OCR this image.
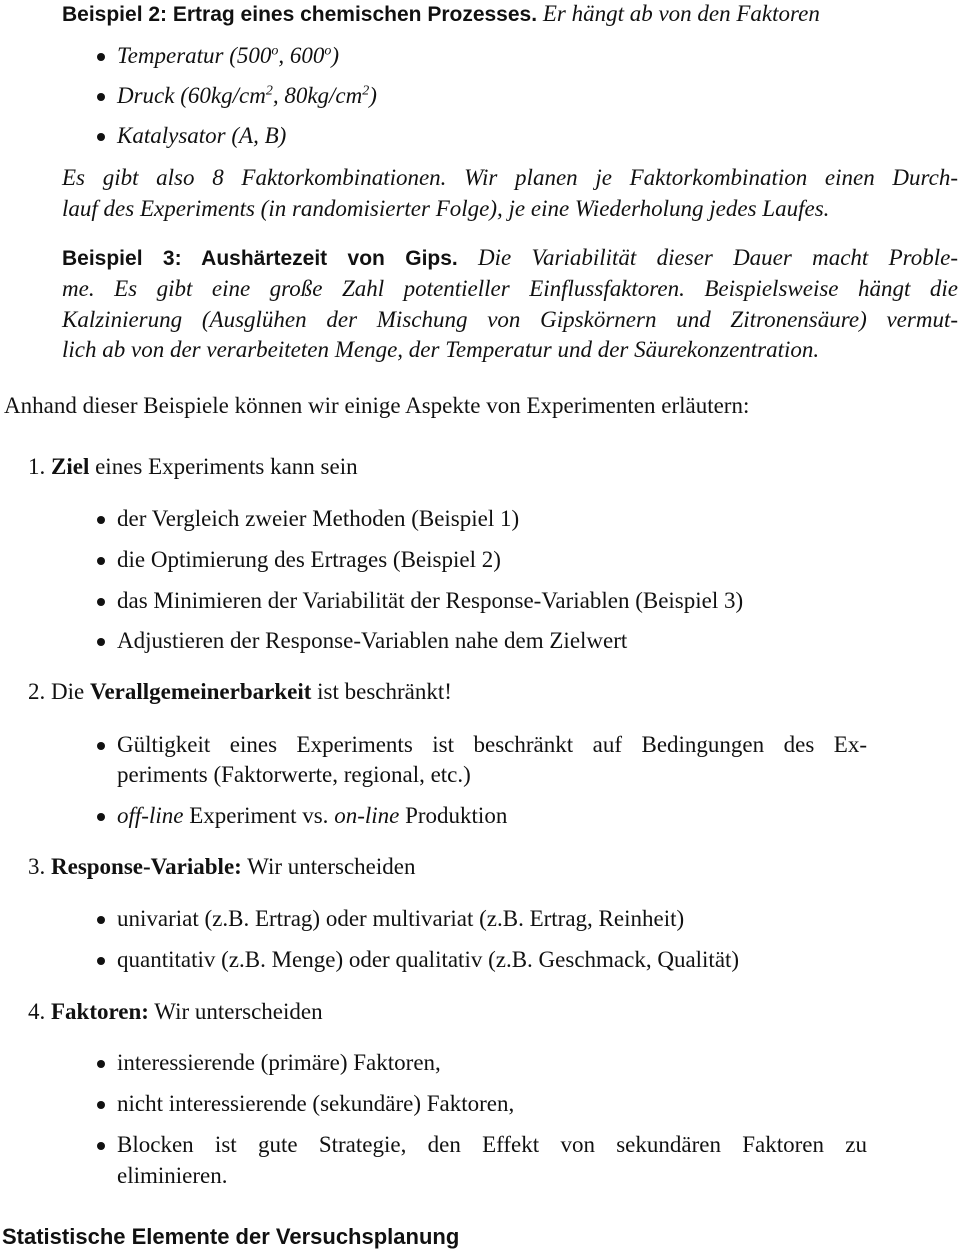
Beispiel 2: Ertrag eines chemischen Prozesses. Er hängt ab von den Faktoren
Temperatur (500$^o$, 600$^o$)
Druck ($60kg/cm^2$, $80kg/cm^2$)
Katalysator (A, B)
Es gibt also 8 Faktorkombinationen. Wir planen je Faktorkombination einen Durch-
lauf des Experiments (in randomisierter Folge), je eine Wiederholung jedes Laufes.
Beispiel 3: Aushärtezeit von Gips. Die Variabilität dieser Dauer macht Proble-
me. Es gibt eine große Zahl potentieller Einflussfaktoren. Beispielsweise hängt die
Kalzinierung (Ausglühen der Mischung von Gipskörnern und Zitronensäure) vermut-
lich ab von der verarbeiteten Menge, der Temperatur und der Säurekonzentration.
Anhand dieser Beispiele können wir einige Aspekte von Experimenten erläutern:
1. Ziel eines Experiments kann sein
der Vergleich zweier Methoden (Beispiel 1)
die Optimierung des Ertrages (Beispiel 2)
das Minimieren der Variabilität der Response-Variablen (Beispiel 3)
Adjustieren der Response-Variablen nahe dem Zielwert
2. Die Verallgemeinerbarkeit ist beschränkt!
Gültigkeit eines Experiments ist beschränkt auf Bedingungen des Ex-
periments (Faktorwerte, regional, etc.)
off-line Experiment vs. on-line Produktion
3. Response-Variable: Wir unterscheiden
univariat (z.B. Ertrag) oder multivariat (z.B. Ertrag, Reinheit)
quantitativ (z.B. Menge) oder qualitativ (z.B. Geschmack, Qualität)
4. Faktoren: Wir unterscheiden
interessierende (primäre) Faktoren,
nicht interessierende (sekundäre) Faktoren,
Blocken ist gute Strategie, den Effekt von sekundären Faktoren zu
eliminieren.
Statistische Elemente der Versuchsplanung
